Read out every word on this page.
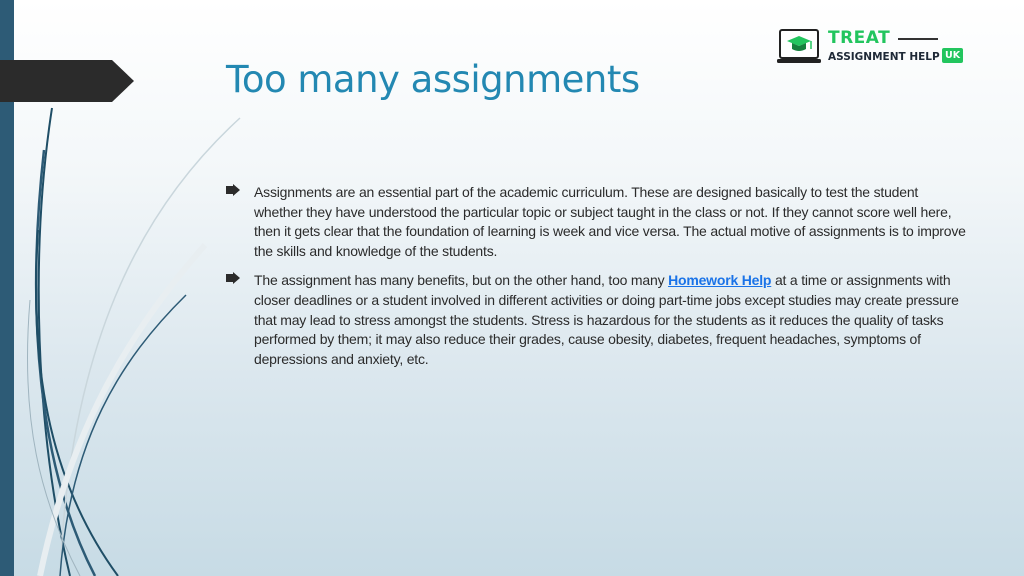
Too many assignments
TREAT
ASSIGNMENT HELP UK

Assignments are an essential part of the academic curriculum. These are designed basically to test the student whether they have understood the particular topic or subject taught in the class or not. If they cannot score well here, then it gets clear that the foundation of learning is week and vice versa. The actual motive of assignments is to improve the skills and knowledge of the students.

The assignment has many benefits, but on the other hand, too many Homework Help at a time or assignments with closer deadlines or a student involved in different activities or doing part-time jobs except studies may create pressure that may lead to stress amongst the students. Stress is hazardous for the students as it reduces the quality of tasks performed by them; it may also reduce their grades, cause obesity, diabetes, frequent headaches, symptoms of depressions and anxiety, etc.
